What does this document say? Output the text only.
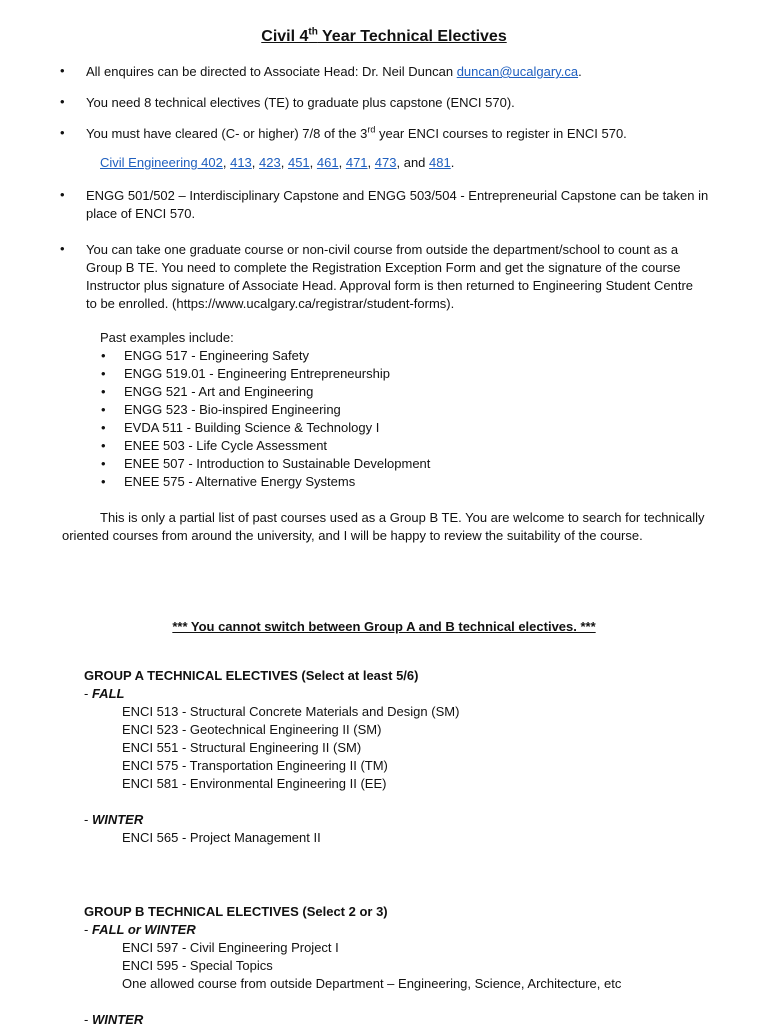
Civil 4th Year Technical Electives
• All enquires can be directed to Associate Head: Dr. Neil Duncan duncan@ucalgary.ca.
• You need 8 technical electives (TE) to graduate plus capstone (ENCI 570).
• You must have cleared (C- or higher) 7/8 of the 3rd year ENCI courses to register in ENCI 570.
Civil Engineering 402, 413, 423, 451, 461, 471, 473, and 481.
• ENGG 501/502 – Interdisciplinary Capstone and ENGG 503/504 - Entrepreneurial Capstone can be taken in
place of ENCI 570.
• You can take one graduate course or non-civil course from outside the department/school to count as a
Group B TE. You need to complete the Registration Exception Form and get the signature of the course
Instructor plus signature of Associate Head. Approval form is then returned to Engineering Student Centre
to be enrolled. (https://www.ucalgary.ca/registrar/student-forms).
Past examples include:
• ENGG 517 - Engineering Safety
• ENGG 519.01 - Engineering Entrepreneurship
• ENGG 521 - Art and Engineering
• ENGG 523 - Bio-inspired Engineering
• EVDA 511 - Building Science & Technology I
• ENEE 503 - Life Cycle Assessment
• ENEE 507 - Introduction to Sustainable Development
• ENEE 575 - Alternative Energy Systems
This is only a partial list of past courses used as a Group B TE. You are welcome to search for technically
oriented courses from around the university, and I will be happy to review the suitability of the course.
*** You cannot switch between Group A and B technical electives. ***
GROUP A TECHNICAL ELECTIVES (Select at least 5/6)
- FALL
ENCI 513 - Structural Concrete Materials and Design (SM)
ENCI 523 - Geotechnical Engineering II (SM)
ENCI 551 - Structural Engineering II (SM)
ENCI 575 - Transportation Engineering II (TM)
ENCI 581 - Environmental Engineering II (EE)
- WINTER
ENCI 565 - Project Management II
GROUP B TECHNICAL ELECTIVES (Select 2 or 3)
- FALL or WINTER
ENCI 597 - Civil Engineering Project I
ENCI 595 - Special Topics
One allowed course from outside Department – Engineering, Science, Architecture, etc
- WINTER
